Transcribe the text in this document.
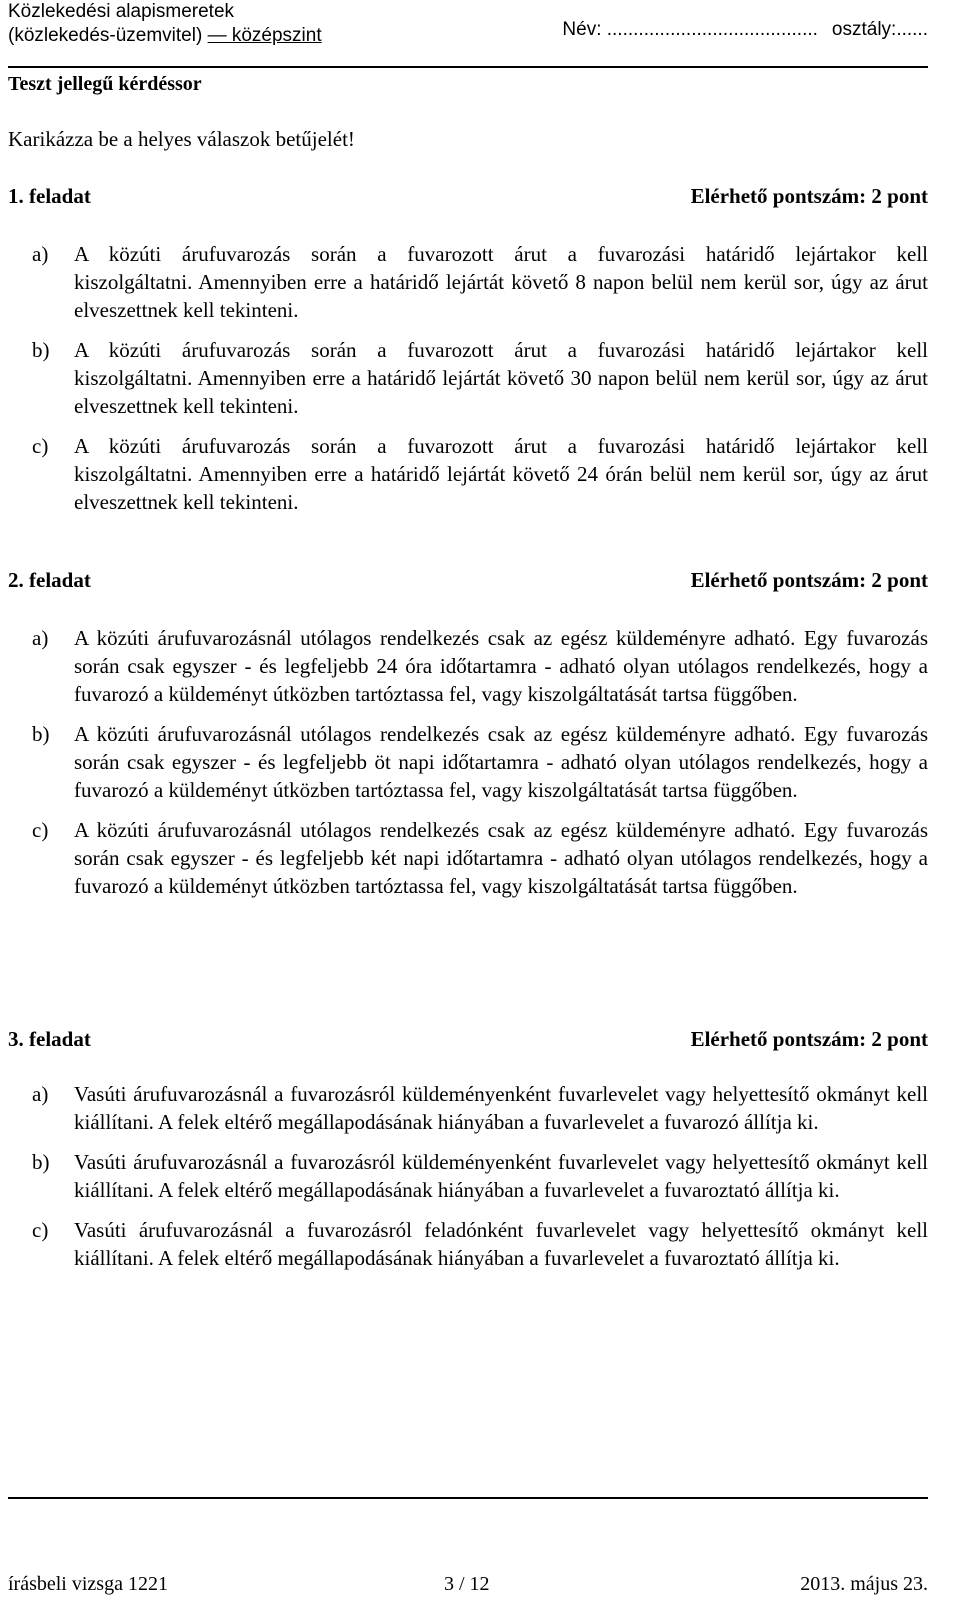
Közlekedési alapismeretek
(közlekedés-üzemvitel) — középszint	Név: ........................................ osztály:......
Teszt jellegű kérdéssor
Karikázza be a helyes válaszok betűjelét!
1. feladat	Elérhető pontszám: 2 pont
a) A közúti árufuvarozás során a fuvarozott árut a fuvarozási határidő lejártakor kell
kiszolgáltatni. Amennyiben erre a határidő lejártát követő 8 napon belül nem kerül sor, úgy az árut elveszettnek kell tekinteni.
b) A közúti árufuvarozás során a fuvarozott árut a fuvarozási határidő lejártakor kell
kiszolgáltatni. Amennyiben erre a határidő lejártát követő 30 napon belül nem kerül sor, úgy az árut elveszettnek kell tekinteni.
c) A közúti árufuvarozás során a fuvarozott árut a fuvarozási határidő lejártakor kell
kiszolgáltatni. Amennyiben erre a határidő lejártát követő 24 órán belül nem kerül sor, úgy az árut elveszettnek kell tekinteni.
2. feladat	Elérhető pontszám: 2 pont
a) A közúti árufuvarozásnál utólagos rendelkezés csak az egész küldeményre adható. Egy fuvarozás során csak egyszer - és legfeljebb 24 óra időtartamra - adható olyan utólagos rendelkezés, hogy a fuvarozó a küldeményt útközben tartóztassa fel, vagy kiszolgáltatását tartsa függőben.
b) A közúti árufuvarozásnál utólagos rendelkezés csak az egész küldeményre adható. Egy fuvarozás során csak egyszer - és legfeljebb öt napi időtartamra - adható olyan utólagos rendelkezés, hogy a fuvarozó a küldeményt útközben tartóztassa fel, vagy kiszolgáltatását tartsa függőben.
c) A közúti árufuvarozásnál utólagos rendelkezés csak az egész küldeményre adható. Egy fuvarozás során csak egyszer - és legfeljebb két napi időtartamra - adható olyan utólagos rendelkezés, hogy a fuvarozó a küldeményt útközben tartóztassa fel, vagy kiszolgáltatását tartsa függőben.
3. feladat	Elérhető pontszám: 2 pont
a) Vasúti árufuvarozásnál a fuvarozásról küldeményenként fuvarlevelet vagy helyettesítő okmányt kell kiállítani. A felek eltérő megállapodásának hiányában a fuvarlevelet a fuvarozó állítja ki.
b) Vasúti árufuvarozásnál a fuvarozásról küldeményenként fuvarlevelet vagy helyettesítő okmányt kell kiállítani. A felek eltérő megállapodásának hiányában a fuvarlevelet a fuvaroztató állítja ki.
c) Vasúti árufuvarozásnál a fuvarozásról feladónként fuvarlevelet vagy helyettesítő okmányt kell kiállítani. A felek eltérő megállapodásának hiányában a fuvarlevelet a fuvaroztató állítja ki.
írásbeli vizsga 1221	3 / 12	2013. május 23.
